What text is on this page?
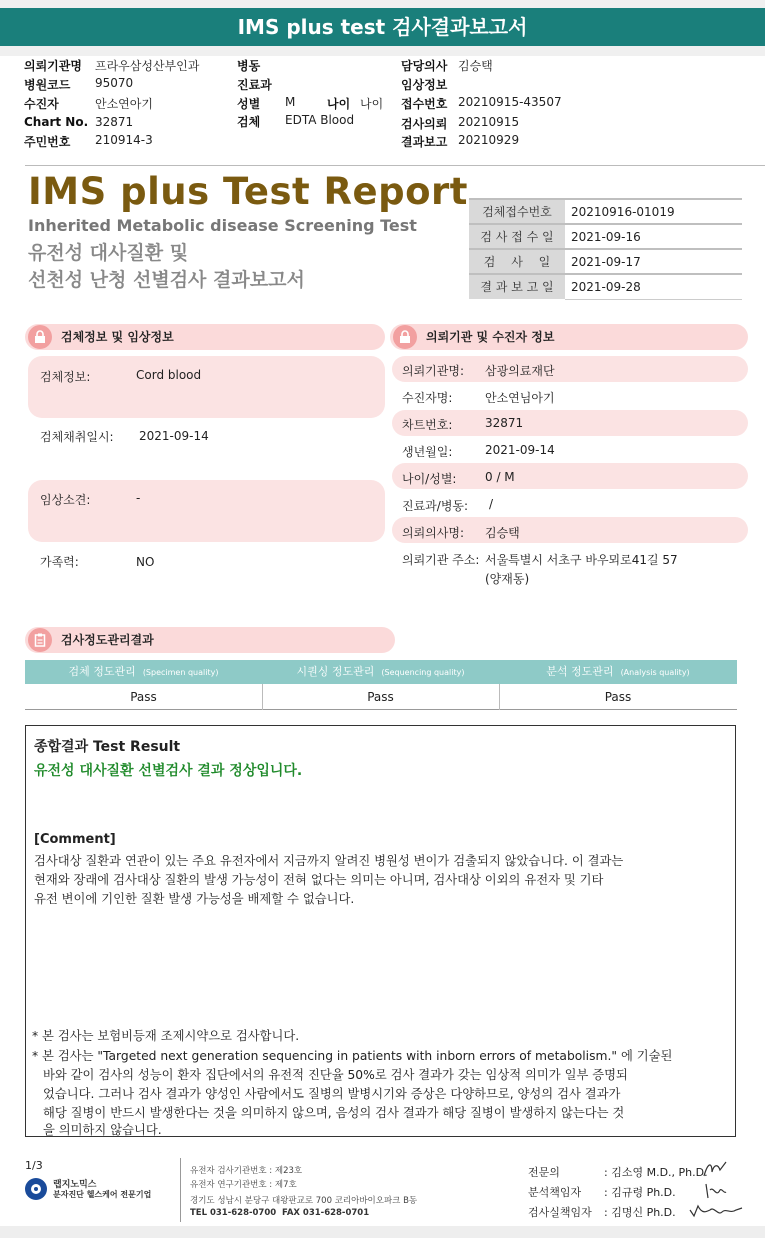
IMS plus test 검사결과보고서
의뢰기관명 프라우삼성산부인과
병원코드 95070
수진자	안소연아기
Chart No. 32871
주민번호 210914-3
병동
진료과
성별 M	나이 나이
검체 EDTA Blood
담당의사 김승택
임상정보
접수번호 20210915-43507
검사의뢰 20210915
결과보고 20210929
IMS plus Test Report
Inherited Metabolic disease Screening Test
유전성 대사질환 및
선천성 난청 선별검사 결과보고서
검체접수번호	20210916-01019
검 사 접 수 일	2021-09-16
검　 사　 일	2021-09-17
결 과 보 고 일	2021-09-28
검체정보 및 임상정보
검체정보:	Cord blood
검체채취일시: 2021-09-14
임상소견:	-
가족력:	NO
의뢰기관 및 수진자 정보
의뢰기관명: 삼광의료재단
수진자명:	안소연님아기
차트번호:	32871
생년월일:	2021-09-14
나이/성별: 0 / M
진료과/병동: /
의뢰의사명: 김승택
의뢰기관 주소: 서울특별시 서초구 바우뫼로41길 57
(양재동)
검사정도관리결과
검체 정도관리 (Specimen quality)	시퀀싱 정도관리 (Sequencing quality)	분석 정도관리 (Analysis quality)
Pass	Pass	Pass
종합결과 Test Result
유전성 대사질환 선별검사 결과 정상입니다.
[Comment]
검사대상 질환과 연관이 있는 주요 유전자에서 지금까지 알려진 병원성 변이가 검출되지 않았습니다. 이 결과는
현재와 장래에 검사대상 질환의 발생 가능성이 전혀 없다는 의미는 아니며, 검사대상 이외의 유전자 및 기타
유전 변이에 기인한 질환 발생 가능성을 배제할 수 없습니다.
* 본 검사는 보험비등재 조제시약으로 검사합니다.
* 본 검사는 "Targeted next generation sequencing in patients with inborn errors of metabolism." 에 기술된
바와 같이 검사의 성능이 환자 집단에서의 유전적 진단율 50%로 검사 결과가 갖는 임상적 의미가 일부 증명되
었습니다. 그러나 검사 결과가 양성인 사람에서도 질병의 발병시기와 증상은 다양하므로, 양성의 검사 결과가
해당 질병이 반드시 발생한다는 것을 의미하지 않으며, 음성의 검사 결과가 해당 질병이 발생하지 않는다는 것
을 의미하지 않습니다.
1/3
랩지노믹스
분자진단 헬스케어 전문기업
유전자 검사기관번호 : 제23호
유전자 연구기관번호 : 제7호
경기도 성남시 분당구 대왕판교로 700 코리아바이오파크 B동
TEL 031-628-0700 FAX 031-628-0701
전문의	: 김소영 M.D., Ph.D.
분석책임자 : 김규령 Ph.D.
검사실책임자 : 김명신 Ph.D.
